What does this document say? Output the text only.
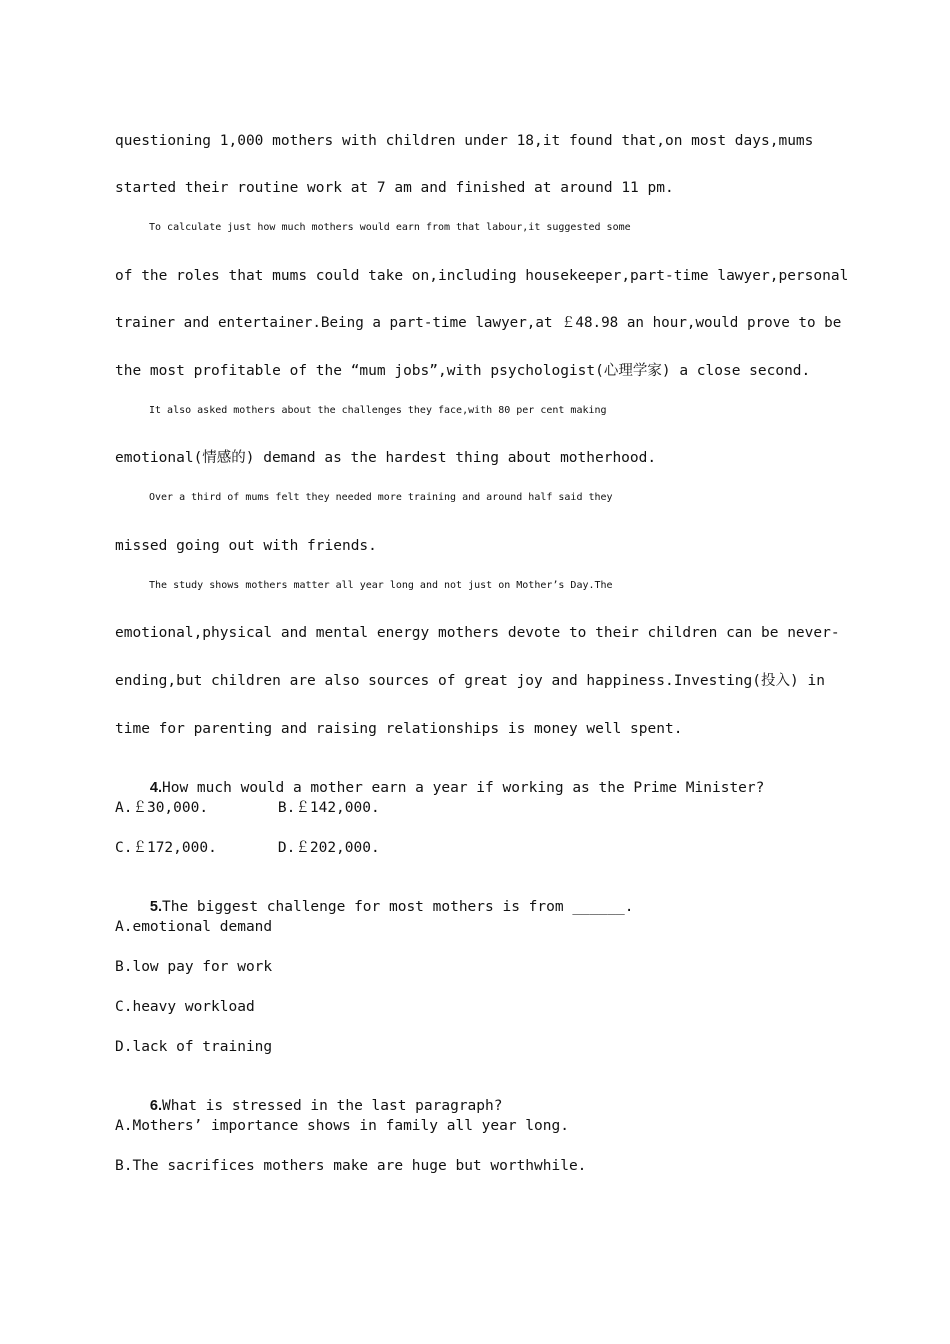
questioning 1,000 mothers with children under 18,it found that,on most days,mums
started their routine work at 7 am and finished at around 11 pm.
To calculate just how much mothers would earn from that labour,it suggested some
of the roles that mums could take on,including housekeeper,part-time lawyer,personal
trainer and entertainer.Being a part-time lawyer,at ￡48.98 an hour,would prove to be
the most profitable of the “mum jobs”,with psychologist(心理学家) a close second.
It also asked mothers about the challenges they face,with 80 per cent making
emotional(情感的) demand as the hardest thing about motherhood.
Over a third of mums felt they needed more training and around half said they
missed going out with friends.
The study shows mothers matter all year long and not just on Mother’s Day.The
emotional,physical and mental energy mothers devote to their children can be never-
ending,but children are also sources of great joy and happiness.Investing(投入) in
time for parenting and raising relationships is money well spent.

4.How much would a mother earn a year if working as the Prime Minister?

A.￡30,000.        B.￡142,000.
C.￡172,000.       D.￡202,000.

5.The biggest challenge for most mothers is from ______.

A.emotional demand
B.low pay for work
C.heavy workload
D.lack of training

6.What is stressed in the last paragraph?

A.Mothers’ importance shows in family all year long.
B.The sacrifices mothers make are huge but worthwhile.
